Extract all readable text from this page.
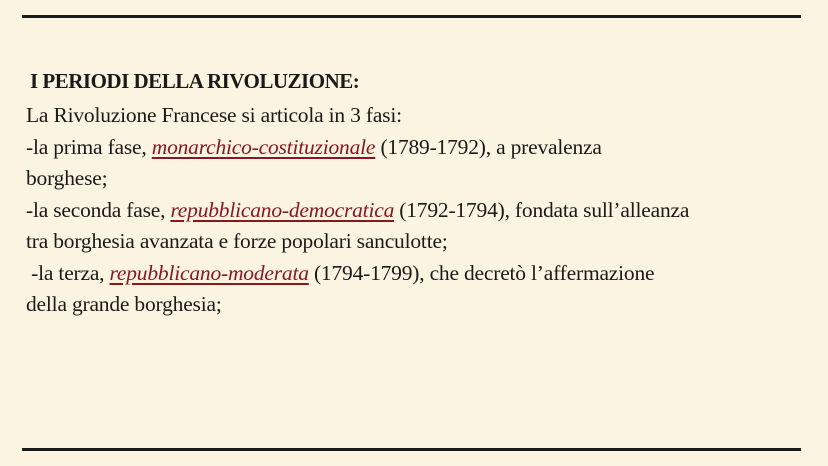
I PERIODI DELLA RIVOLUZIONE:
La Rivoluzione Francese si articola in 3 fasi:
-la prima fase, monarchico-costituzionale (1789-1792), a prevalenza
borghese;
-la seconda fase, repubblicano-democratica (1792-1794), fondata sull’alleanza
tra borghesia avanzata e forze popolari sanculotte;
-la terza, repubblicano-moderata (1794-1799), che decretò l’affermazione
della grande borghesia;
